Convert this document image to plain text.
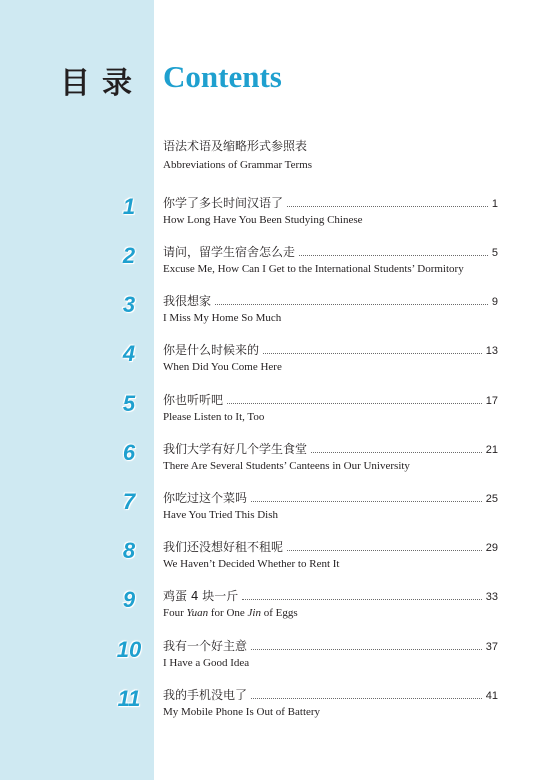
目录 Contents
语法术语及缩略形式参照表
Abbreviations of Grammar Terms
1	你学了多长时间汉语了	1
How Long Have You Been Studying Chinese
2	请问，留学生宿舍怎么走	5
Excuse Me, How Can I Get to the International Students’ Dormitory
3	我很想家	9
I Miss My Home So Much
4	你是什么时候来的	13
When Did You Come Here
5	你也听听吧	17
Please Listen to It, Too
6	我们大学有好几个学生食堂	21
There Are Several Students’ Canteens in Our University
7	你吃过这个菜吗	25
Have You Tried This Dish
8	我们还没想好租不租呢	29
We Haven’t Decided Whether to Rent It
9	鸡蛋 4 块一斤	33
Four Yuan for One Jin of Eggs
10	我有一个好主意	37
I Have a Good Idea
11	我的手机没电了	41
My Mobile Phone Is Out of Battery
